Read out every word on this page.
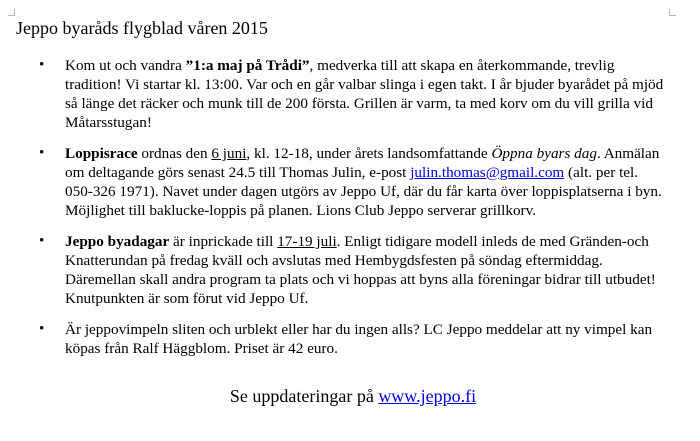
Jeppo byaråds flygblad våren 2015
• Kom ut och vandra ”1:a maj på Trådi”, medverka till att skapa en återkommande, trevlig tradition! Vi startar kl. 13:00. Var och en går valbar slinga i egen takt. I år bjuder byarådet på mjöd så länge det räcker och munk till de 200 första. Grillen är varm, ta med korv om du vill grilla vid Måtarsstugan!
• Loppisrace ordnas den 6 juni, kl. 12-18, under årets landsomfattande Öppna byars dag. Anmälan om deltagande görs senast 24.5 till Thomas Julin, e-post julin.thomas@gmail.com (alt. per tel. 050-326 1971). Navet under dagen utgörs av Jeppo Uf, där du får karta över loppisplatserna i byn. Möjlighet till baklucke-loppis på planen. Lions Club Jeppo serverar grillkorv.
• Jeppo byadagar är inprickade till 17-19 juli. Enligt tidigare modell inleds de med Gränden-och Knatterundan på fredag kväll och avslutas med Hembygdsfesten på söndag eftermiddag. Däremellan skall andra program ta plats och vi hoppas att byns alla föreningar bidrar till utbudet! Knutpunkten är som förut vid Jeppo Uf.
• Är jeppovimpeln sliten och urblekt eller har du ingen alls? LC Jeppo meddelar att ny vimpel kan köpas från Ralf Häggblom. Priset är 42 euro.
Se uppdateringar på www.jeppo.fi
